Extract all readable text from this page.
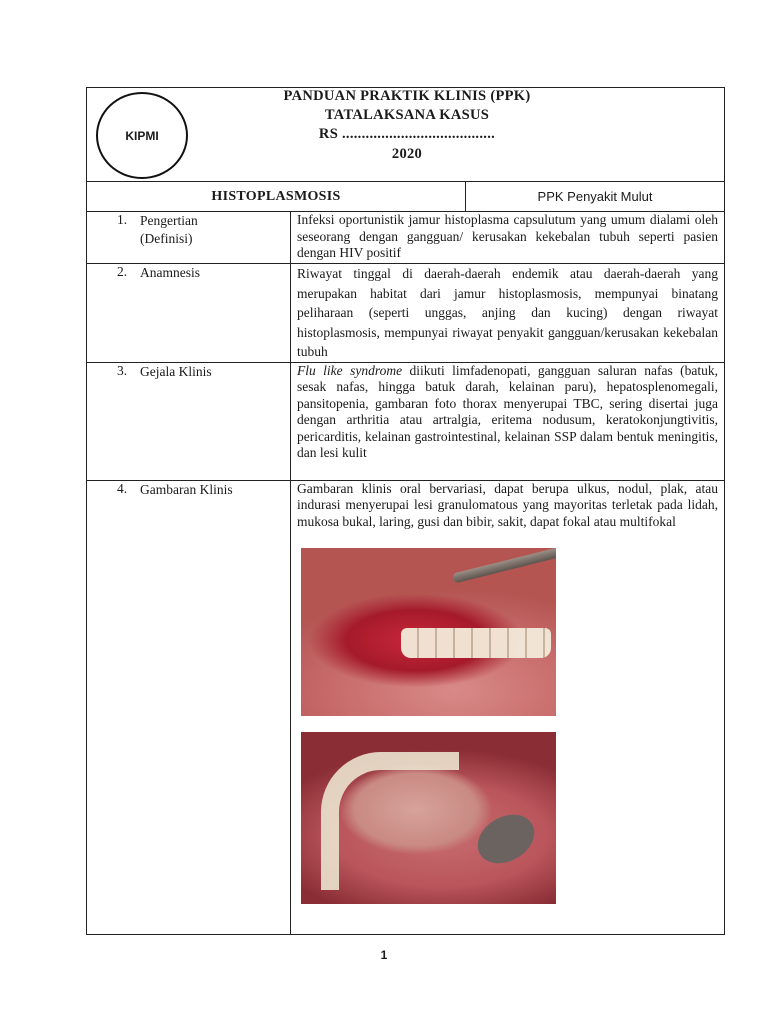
KIPMI
PANDUAN PRAKTIK KLINIS (PPK)
TATALAKSANA KASUS
RS .......................................
2020
HISTOPLASMOSIS	PPK Penyakit Mulut
1. Pengertian
(Definisi)	Infeksi oportunistik jamur histoplasma capsulutum yang umum dialami oleh seseorang dengan gangguan/ kerusakan kekebalan tubuh seperti pasien dengan HIV positif

2. Anamnesis	Riwayat tinggal di daerah-daerah endemik atau daerah-daerah yang merupakan habitat dari jamur histoplasmosis, mempunyai binatang peliharaan (seperti unggas, anjing dan kucing) dengan riwayat histoplasmosis, mempunyai riwayat penyakit gangguan/kerusakan kekebalan tubuh

3. Gejala Klinis	Flu like syndrome diikuti limfadenopati, gangguan saluran nafas (batuk, sesak nafas, hingga batuk darah, kelainan paru), hepatosplenomegali, pansitopenia, gambaran foto thorax menyerupai TBC, sering disertai juga dengan arthritia atau artralgia, eritema nodusum, keratokonjungtivitis, pericarditis, kelainan gastrointestinal, kelainan SSP dalam bentuk meningitis, dan lesi kulit

4. Gambaran Klinis	Gambaran klinis oral bervariasi, dapat berupa ulkus, nodul, plak, atau indurasi menyerupai lesi granulomatous yang mayoritas terletak pada lidah, mukosa bukal, laring, gusi dan bibir, sakit, dapat fokal atau multifokal
1
